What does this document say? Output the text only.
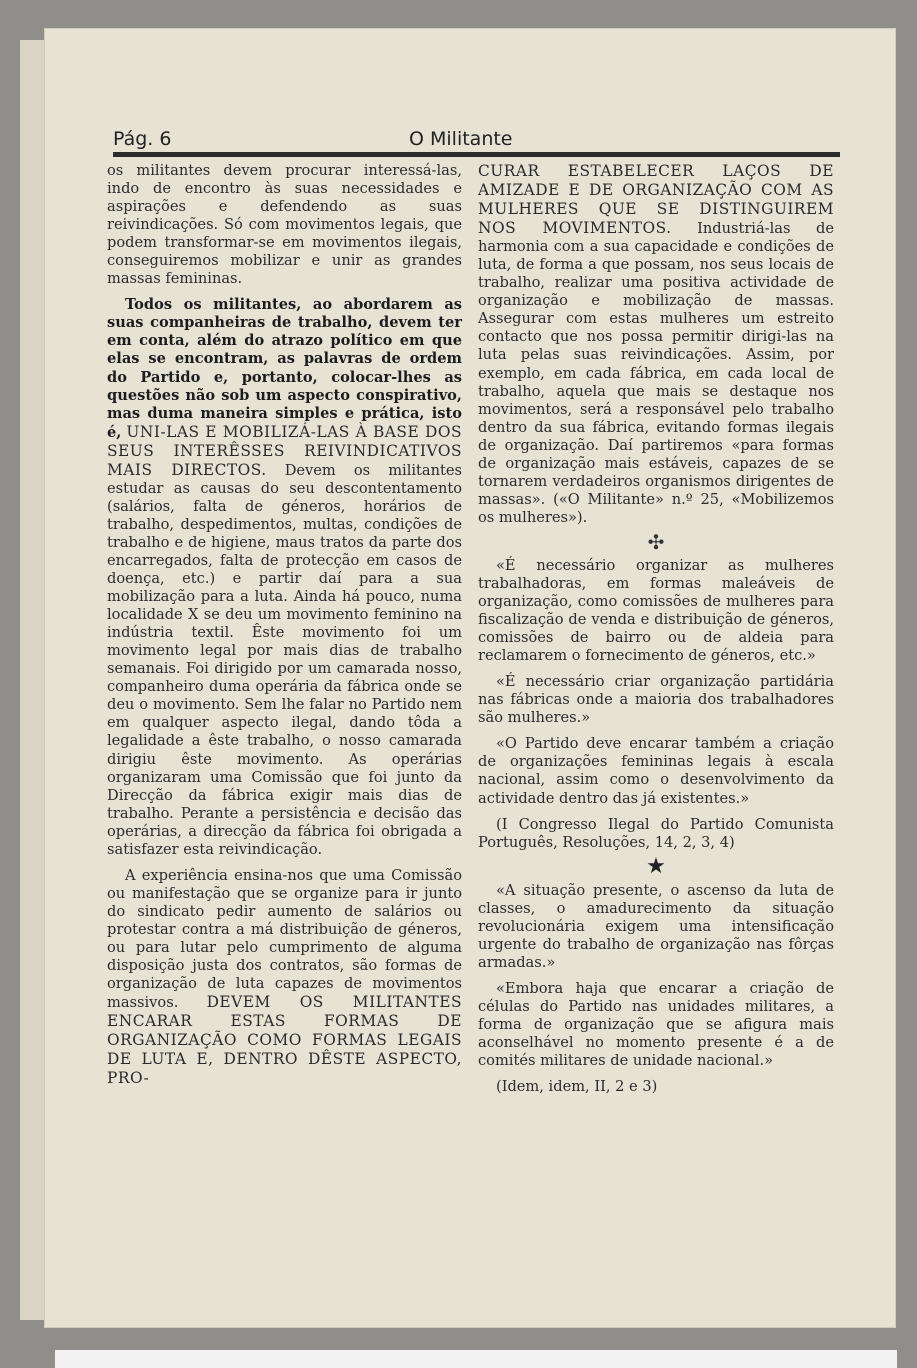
Pág. 6	O Militante

os militantes devem procurar interessá-las, indo de encontro às suas necessidades e aspirações e defendendo as suas reivindicações. Só com movimentos legais, que podem transformar-se em movimentos ilegais, conseguiremos mobilizar e unir as grandes massas femininas.

Todos os militantes, ao abordarem as suas companheiras de trabalho, devem ter em conta, além do atrazo político em que elas se encontram, as palavras de ordem do Partido e, portanto, colocar-lhes as questões não sob um aspecto conspirativo, mas duma maneira simples e prática, isto é, UNI-LAS E MOBILIZÁ-LAS À BASE DOS SEUS INTERÊSSES REIVINDICATIVOS MAIS DIRECTOS. Devem os militantes estudar as causas do seu descontentamento (salários, falta de géneros, horários de trabalho, despedimentos, multas, condições de trabalho e de higiene, maus tratos da parte dos encarregados, falta de protecção em casos de doença, etc.) e partir daí para a sua mobilização para a luta. Ainda há pouco, numa localidade X se deu um movimento feminino na indústria textil. Êste movimento foi um movimento legal por mais dias de trabalho semanais. Foi dirigido por um camarada nosso, companheiro duma operária da fábrica onde se deu o movimento. Sem lhe falar no Partido nem em qualquer aspecto ilegal, dando tôda a legalidade a êste trabalho, o nosso camarada dirigiu êste movimento. As operárias organizaram uma Comissão que foi junto da Direcção da fábrica exigir mais dias de trabalho. Perante a persistência e decisão das operárias, a direcção da fábrica foi obrigada a satisfazer esta reivindicação.

A experiência ensina-nos que uma Comissão ou manifestação que se organize para ir junto do sindicato pedir aumento de salários ou protestar contra a má distribuição de géneros, ou para lutar pelo cumprimento de alguma disposição justa dos contratos, são formas de organização de luta capazes de movimentos massivos. DEVEM OS MILITANTES ENCARAR ESTAS FORMAS DE ORGANIZAÇÃO COMO FORMAS LEGAIS DE LUTA E, DENTRO DÊSTE ASPECTO, PRO-

CURAR ESTABELECER LAÇOS DE AMIZADE E DE ORGANIZAÇÃO COM AS MULHERES QUE SE DISTINGUIREM NOS MOVIMENTOS. Industriá-las de harmonia com a sua capacidade e condições de luta, de forma a que possam, nos seus locais de trabalho, realizar uma positiva actividade de organização e mobilização de massas. Assegurar com estas mulheres um estreito contacto que nos possa permitir dirigi-las na luta pelas suas reivindicações. Assim, por exemplo, em cada fábrica, em cada local de trabalho, aquela que mais se destaque nos movimentos, será a responsável pelo trabalho dentro da sua fábrica, evitando formas ilegais de organização. Daí partiremos «para formas de organização mais estáveis, capazes de se tornarem verdadeiros organismos dirigentes de massas». («O Militante» n.º 25, «Mobilizemos os mulheres»).

✣

«É necessário organizar as mulheres trabalhadoras, em formas maleáveis de organização, como comissões de mulheres para fiscalização de venda e distribuição de géneros, comissões de bairro ou de aldeia para reclamarem o fornecimento de géneros, etc.»

«É necessário criar organização partidária nas fábricas onde a maioria dos trabalhadores são mulheres.»

«O Partido deve encarar também a criação de organizações femininas legais à escala nacional, assim como o desenvolvimento da actividade dentro das já existentes.»

(I Congresso Ilegal do Partido Comunista Português, Resoluções, 14, 2, 3, 4)

★

«A situação presente, o ascenso da luta de classes, o amadurecimento da situação revolucionária exigem uma intensificação urgente do trabalho de organização nas fôrças armadas.»

«Embora haja que encarar a criação de células do Partido nas unidades militares, a forma de organização que se afigura mais aconselhável no momento presente é a de comités militares de unidade nacional.»

(Idem, idem, II, 2 e 3)
